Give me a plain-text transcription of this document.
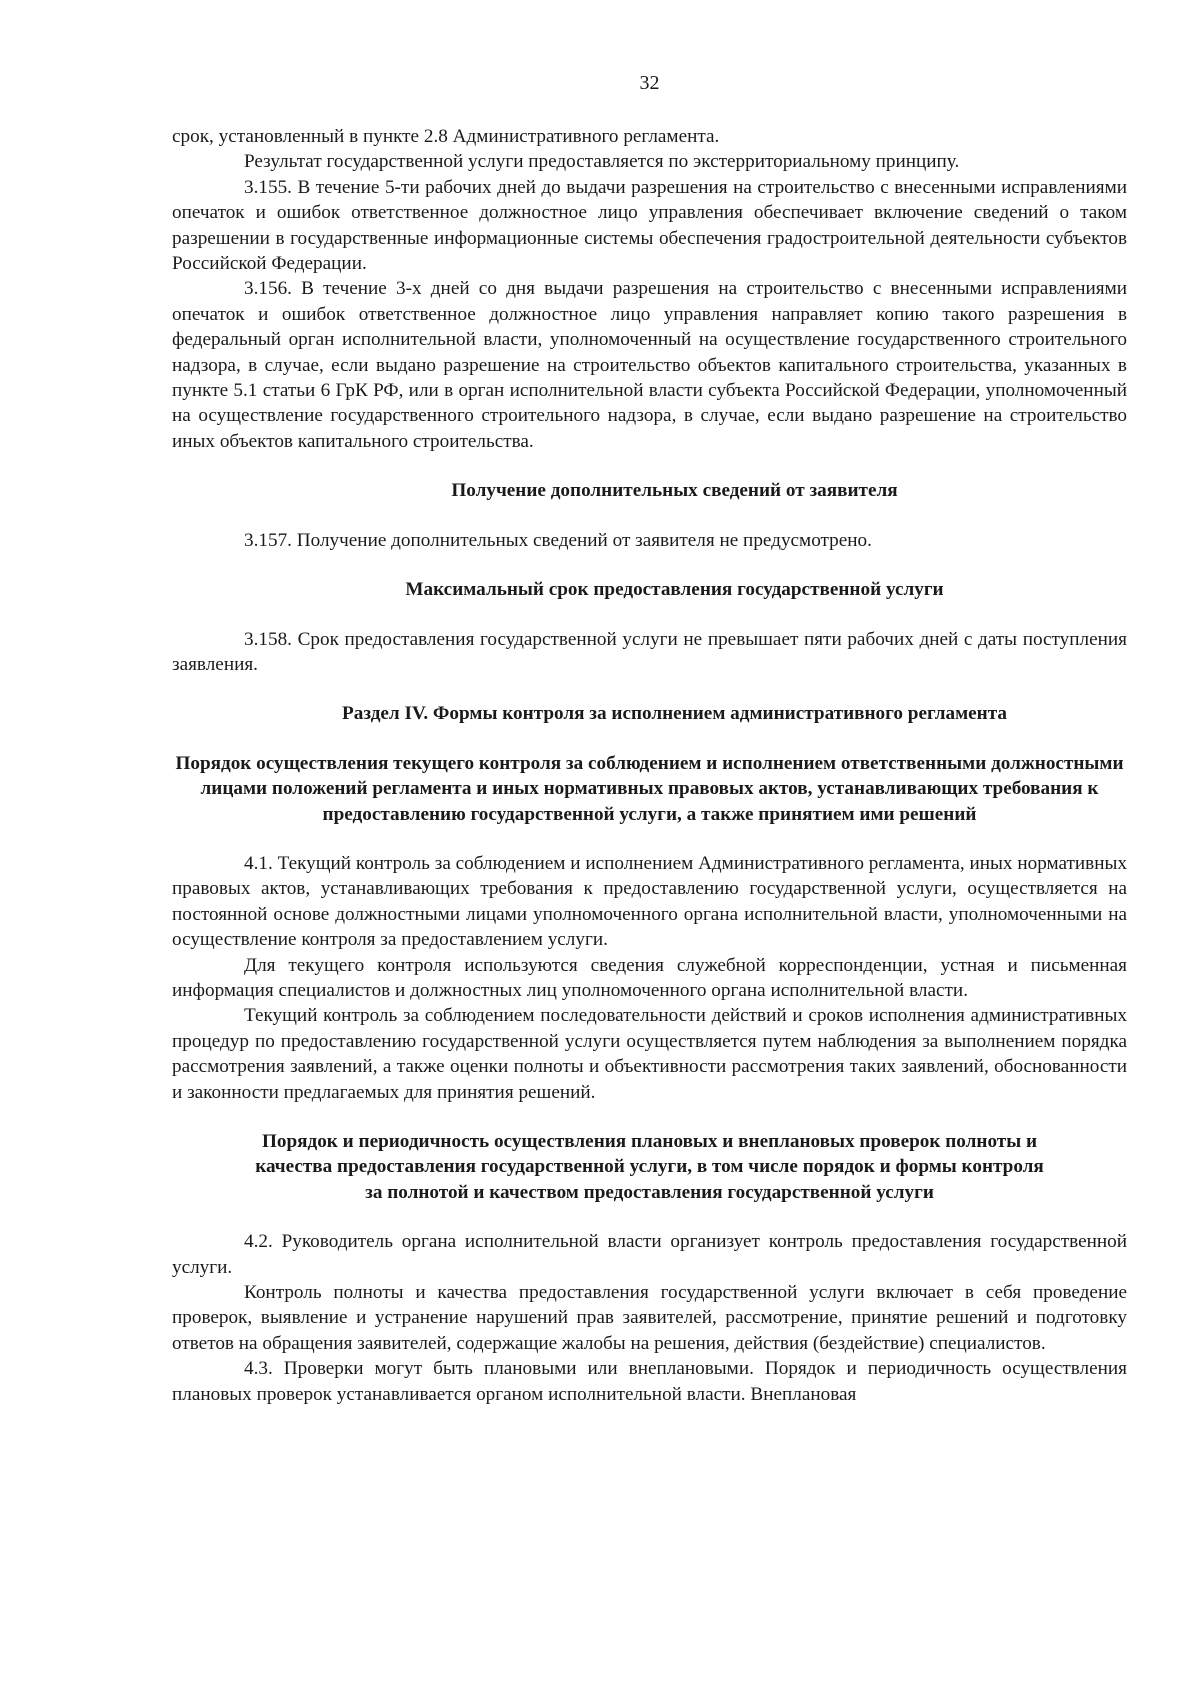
32

срок, установленный в пункте 2.8 Административного регламента.

Результат государственной услуги предоставляется по экстерриториальному принципу.

3.155. В течение 5-ти рабочих дней до выдачи разрешения на строительство с внесенными исправлениями опечаток и ошибок ответственное должностное лицо управления обеспечивает включение сведений о таком разрешении в государственные информационные системы обеспечения градостроительной деятельности субъектов Российской Федерации.

3.156. В течение 3-х дней со дня выдачи разрешения на строительство с внесенными исправлениями опечаток и ошибок ответственное должностное лицо управления направляет копию такого разрешения в федеральный орган исполнительной власти, уполномоченный на осуществление государственного строительного надзора, в случае, если выдано разрешение на строительство объектов капитального строительства, указанных в пункте 5.1 статьи 6 ГрК РФ, или в орган исполнительной власти субъекта Российской Федерации, уполномоченный на осуществление государственного строительного надзора, в случае, если выдано разрешение на строительство иных объектов капитального строительства.

Получение дополнительных сведений от заявителя

3.157. Получение дополнительных сведений от заявителя не предусмотрено.

Максимальный срок предоставления государственной услуги

3.158. Срок предоставления государственной услуги не превышает пяти рабочих дней с даты поступления заявления.

Раздел IV. Формы контроля за исполнением административного регламента

Порядок осуществления текущего контроля за соблюдением и исполнением ответственными должностными лицами положений регламента и иных нормативных правовых актов, устанавливающих требования к предоставлению государственной услуги, а также принятием ими решений

4.1. Текущий контроль за соблюдением и исполнением Административного регламента, иных нормативных правовых актов, устанавливающих требования к предоставлению государственной услуги, осуществляется на постоянной основе должностными лицами уполномоченного органа исполнительной власти, уполномоченными на осуществление контроля за предоставлением услуги.

Для текущего контроля используются сведения служебной корреспонденции, устная и письменная информация специалистов и должностных лиц уполномоченного органа исполнительной власти.

Текущий контроль за соблюдением последовательности действий и сроков исполнения административных процедур по предоставлению государственной услуги осуществляется путем наблюдения за выполнением порядка рассмотрения заявлений, а также оценки полноты и объективности рассмотрения таких заявлений, обоснованности и законности предлагаемых для принятия решений.

Порядок и периодичность осуществления плановых и внеплановых проверок полноты и качества предоставления государственной услуги, в том числе порядок и формы контроля за полнотой и качеством предоставления государственной услуги

4.2. Руководитель органа исполнительной власти организует контроль предоставления государственной услуги.

Контроль полноты и качества предоставления государственной услуги включает в себя проведение проверок, выявление и устранение нарушений прав заявителей, рассмотрение, принятие решений и подготовку ответов на обращения заявителей, содержащие жалобы на решения, действия (бездействие) специалистов.

4.3. Проверки могут быть плановыми или внеплановыми. Порядок и периодичность осуществления плановых проверок устанавливается органом исполнительной власти. Внеплановая
